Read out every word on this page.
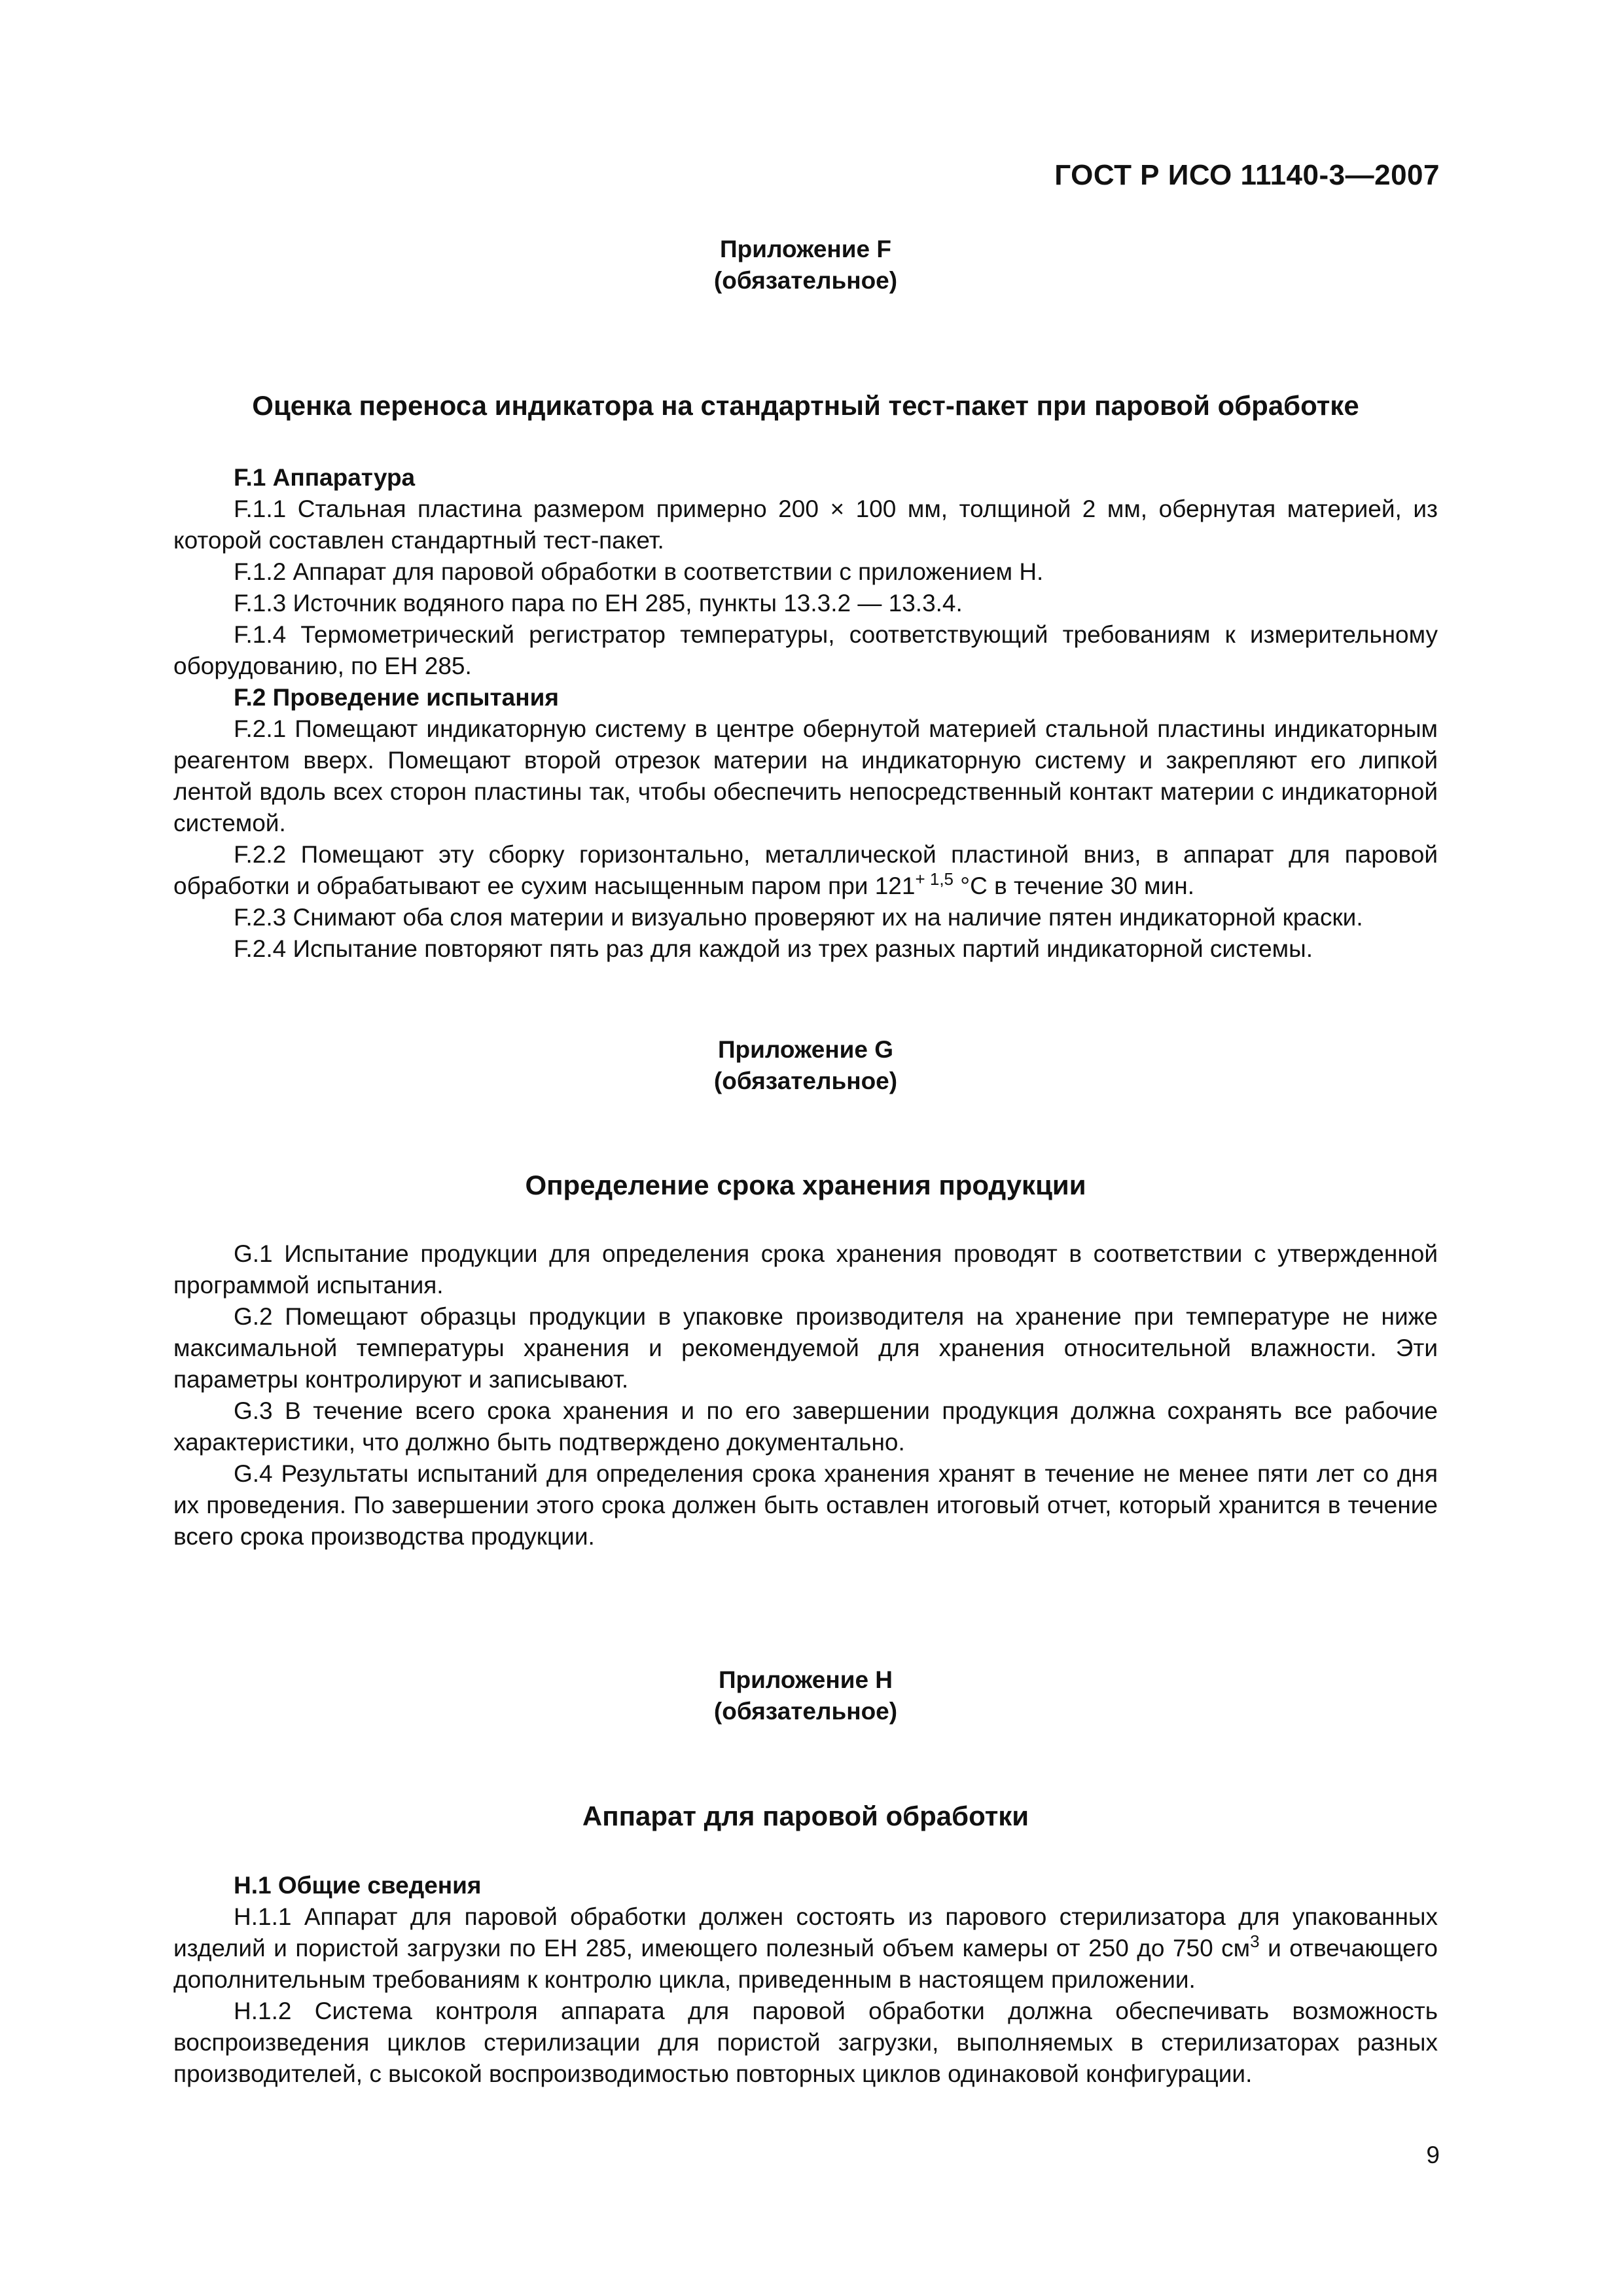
ГОСТ Р ИСО 11140-3—2007
Приложение F
(обязательное)
Оценка переноса индикатора на стандартный тест-пакет при паровой обработке
F.1 Аппаратура

F.1.1 Стальная пластина размером примерно 200 × 100 мм, толщиной 2 мм, обернутая материей, из которой составлен стандартный тест-пакет.

F.1.2 Аппарат для паровой обработки в соответствии с приложением Н.

F.1.3 Источник водяного пара по ЕН 285, пункты 13.3.2 — 13.3.4.

F.1.4 Термометрический регистратор температуры, соответствующий требованиям к измерительному оборудованию, по ЕН 285.

F.2 Проведение испытания

F.2.1 Помещают индикаторную систему в центре обернутой материей стальной пластины индикаторным реагентом вверх. Помещают второй отрезок материи на индикаторную систему и закрепляют его липкой лентой вдоль всех сторон пластины так, чтобы обеспечить непосредственный контакт материи с индикаторной системой.

F.2.2 Помещают эту сборку горизонтально, металлической пластиной вниз, в аппарат для паровой обработки и обрабатывают ее сухим насыщенным паром при $121^{+ 1,5}$ °С в течение 30 мин.

F.2.3 Снимают оба слоя материи и визуально проверяют их на наличие пятен индикаторной краски.

F.2.4 Испытание повторяют пять раз для каждой из трех разных партий индикаторной системы.

Приложение G
(обязательное)
Определение срока хранения продукции

G.1 Испытание продукции для определения срока хранения проводят в соответствии с утвержденной программой испытания.

G.2 Помещают образцы продукции в упаковке производителя на хранение при температуре не ниже максимальной температуры хранения и рекомендуемой для хранения относительной влажности. Эти параметры контролируют и записывают.

G.3 В течение всего срока хранения и по его завершении продукция должна сохранять все рабочие характеристики, что должно быть подтверждено документально.

G.4 Результаты испытаний для определения срока хранения хранят в течение не менее пяти лет со дня их проведения. По завершении этого срока должен быть оставлен итоговый отчет, который хранится в течение всего срока производства продукции.

Приложение Н
(обязательное)
Аппарат для паровой обработки
Н.1 Общие сведения

Н.1.1 Аппарат для паровой обработки должен состоять из парового стерилизатора для упакованных изделий и пористой загрузки по ЕН 285, имеющего полезный объем камеры от 250 до 750 $см^3$ и отвечающего дополнительным требованиям к контролю цикла, приведенным в настоящем приложении.

Н.1.2 Система контроля аппарата для паровой обработки должна обеспечивать возможность воспроизведения циклов стерилизации для пористой загрузки, выполняемых в стерилизаторах разных производителей, с высокой воспроизводимостью повторных циклов одинаковой конфигурации.

9
